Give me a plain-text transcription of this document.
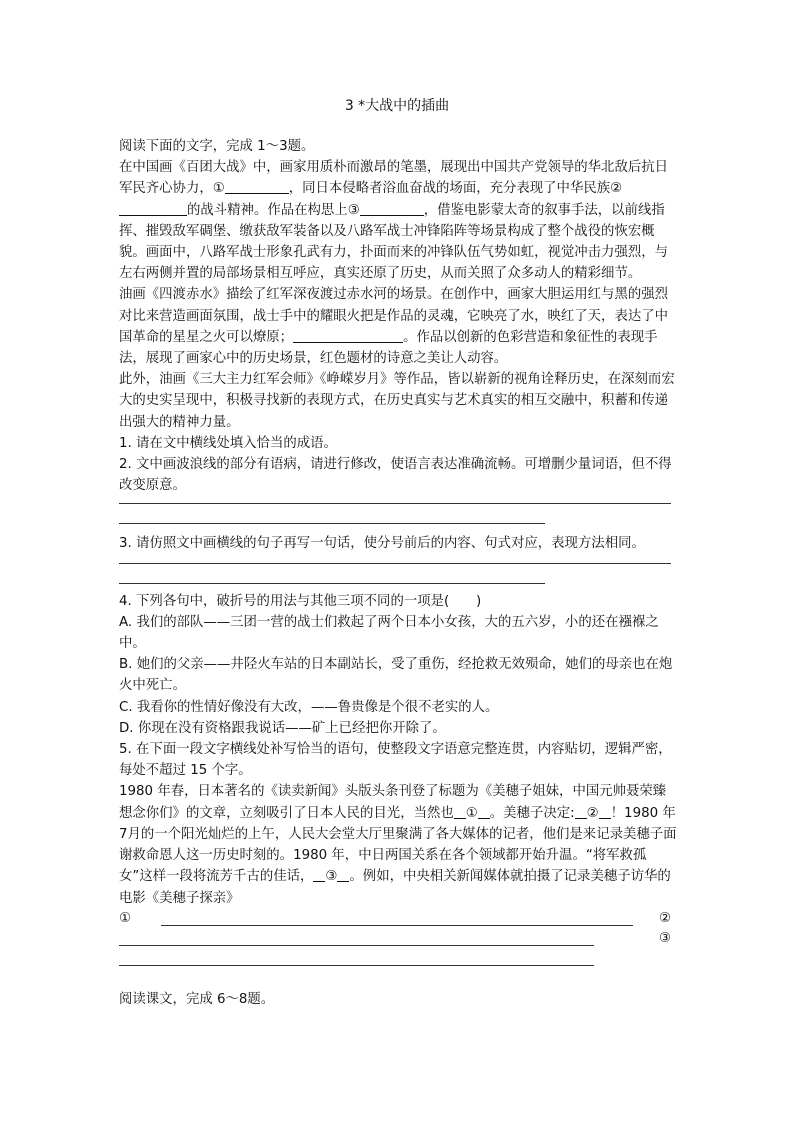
3 *大战中的插曲

阅读下面的文字，完成 1～3题。

在中国画《百团大战》中，画家用质朴而激昂的笔墨，展现出中国共产党领导的华北敌后抗日军民齐心协力，①	，同日本侵略者浴血奋战的场面，充分表现了中华民族②的战斗精神。作品在构思上③	，借鉴电影蒙太奇的叙事手法，以前线指挥、摧毁敌军碉堡、缴获敌军装备以及八路军战士冲锋陷阵等场景构成了整个战役的恢宏概貌。画面中，八路军战士形象孔武有力，扑面而来的冲锋队伍气势如虹，视觉冲击力强烈，与左右两侧并置的局部场景相互呼应，真实还原了历史，从而关照了众多动人的精彩细节。

油画《四渡赤水》描绘了红军深夜渡过赤水河的场景。在创作中，画家大胆运用红与黑的强烈对比来营造画面氛围，战士手中的耀眼火把是作品的灵魂，它映亮了水，映红了天，表达了中国革命的星星之火可以燎原；	。作品以创新的色彩营造和象征性的表现手法，展现了画家心中的历史场景，红色题材的诗意之美让人动容。

此外，油画《三大主力红军会师》《峥嵘岁月》等作品，皆以崭新的视角诠释历史，在深刻而宏大的史实呈现中，积极寻找新的表现方式，在历史真实与艺术真实的相互交融中，积蓄和传递出强大的精神力量。

1. 请在文中横线处填入恰当的成语。

2. 文中画波浪线的部分有语病，请进行修改，使语言表达准确流畅。可增删少量词语，但不得改变原意。

3. 请仿照文中画横线的句子再写一句话，使分号前后的内容、句式对应，表现方法相同。

4. 下列各句中，破折号的用法与其他三项不同的一项是(　　)

A. 我们的部队——三团一营的战士们救起了两个日本小女孩，大的五六岁，小的还在襁褓之中。

B. 她们的父亲——井陉火车站的日本副站长，受了重伤，经抢救无效殒命，她们的母亲也在炮火中死亡。

C. 我看你的性情好像没有大改，——鲁贵像是个很不老实的人。

D. 你现在没有资格跟我说话——矿上已经把你开除了。

5. 在下面一段文字横线处补写恰当的语句，使整段文字语意完整连贯，内容贴切，逻辑严密，每处不超过 15 个字。

1980 年春，日本著名的《读卖新闻》头版头条刊登了标题为《美穗子姐妹，中国元帅聂荣臻想念你们》的文章，立刻吸引了日本人民的目光，当然也 ① 。美穗子决定: ② ！1980 年 7月的一个阳光灿烂的上午，人民大会堂大厅里聚满了各大媒体的记者，他们是来记录美穗子面谢救命恩人这一历史时刻的。1980 年，中日两国关系在各个领域都开始升温。“将军救孤女”这样一段将流芳千古的佳话， ③ 。例如，中央相关新闻媒体就拍摄了记录美穗子访华的电影《美穗子探亲》

①	②
③

阅读课文，完成 6～8题。
